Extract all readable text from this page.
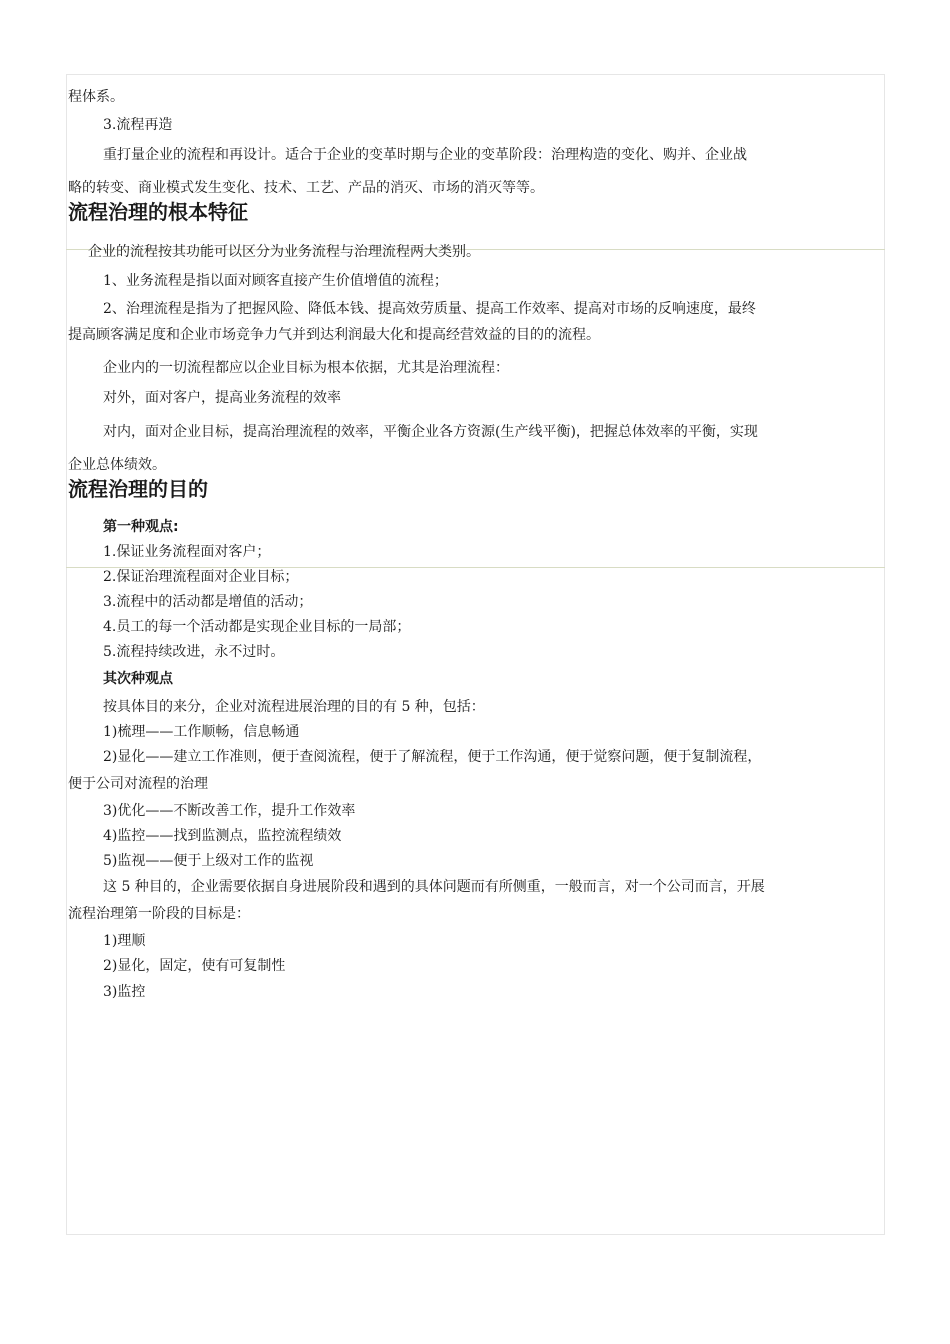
程体系。
3.流程再造
重打量企业的流程和再设计。适合于企业的变革时期与企业的变革阶段：治理构造的变化、购并、企业战
略的转变、商业模式发生变化、技术、工艺、产品的消灭、市场的消灭等等。
流程治理的根本特征
企业的流程按其功能可以区分为业务流程与治理流程两大类别。
1、业务流程是指以面对顾客直接产生价值增值的流程；
2、治理流程是指为了把握风险、降低本钱、提高效劳质量、提高工作效率、提高对市场的反响速度，最终
提高顾客满足度和企业市场竞争力气并到达利润最大化和提高经营效益的目的的流程。
企业内的一切流程都应以企业目标为根本依据，尤其是治理流程：
对外，面对客户，提高业务流程的效率
对内，面对企业目标，提高治理流程的效率，平衡企业各方资源(生产线平衡)，把握总体效率的平衡，实现
企业总体绩效。
流程治理的目的
第一种观点:
1.保证业务流程面对客户；
2.保证治理流程面对企业目标；
3.流程中的活动都是增值的活动；
4.员工的每一个活动都是实现企业目标的一局部；
5.流程持续改进，永不过时。
其次种观点
按具体目的来分，企业对流程进展治理的目的有 5 种，包括：
1)梳理——工作顺畅，信息畅通
2)显化——建立工作准则，便于查阅流程，便于了解流程，便于工作沟通，便于觉察问题，便于复制流程，
便于公司对流程的治理
3)优化——不断改善工作，提升工作效率
4)监控——找到监测点，监控流程绩效
5)监视——便于上级对工作的监视
这 5 种目的，企业需要依据自身进展阶段和遇到的具体问题而有所侧重，一般而言，对一个公司而言，开展
流程治理第一阶段的目标是：
1)理顺
2)显化，固定，使有可复制性
3)监控
